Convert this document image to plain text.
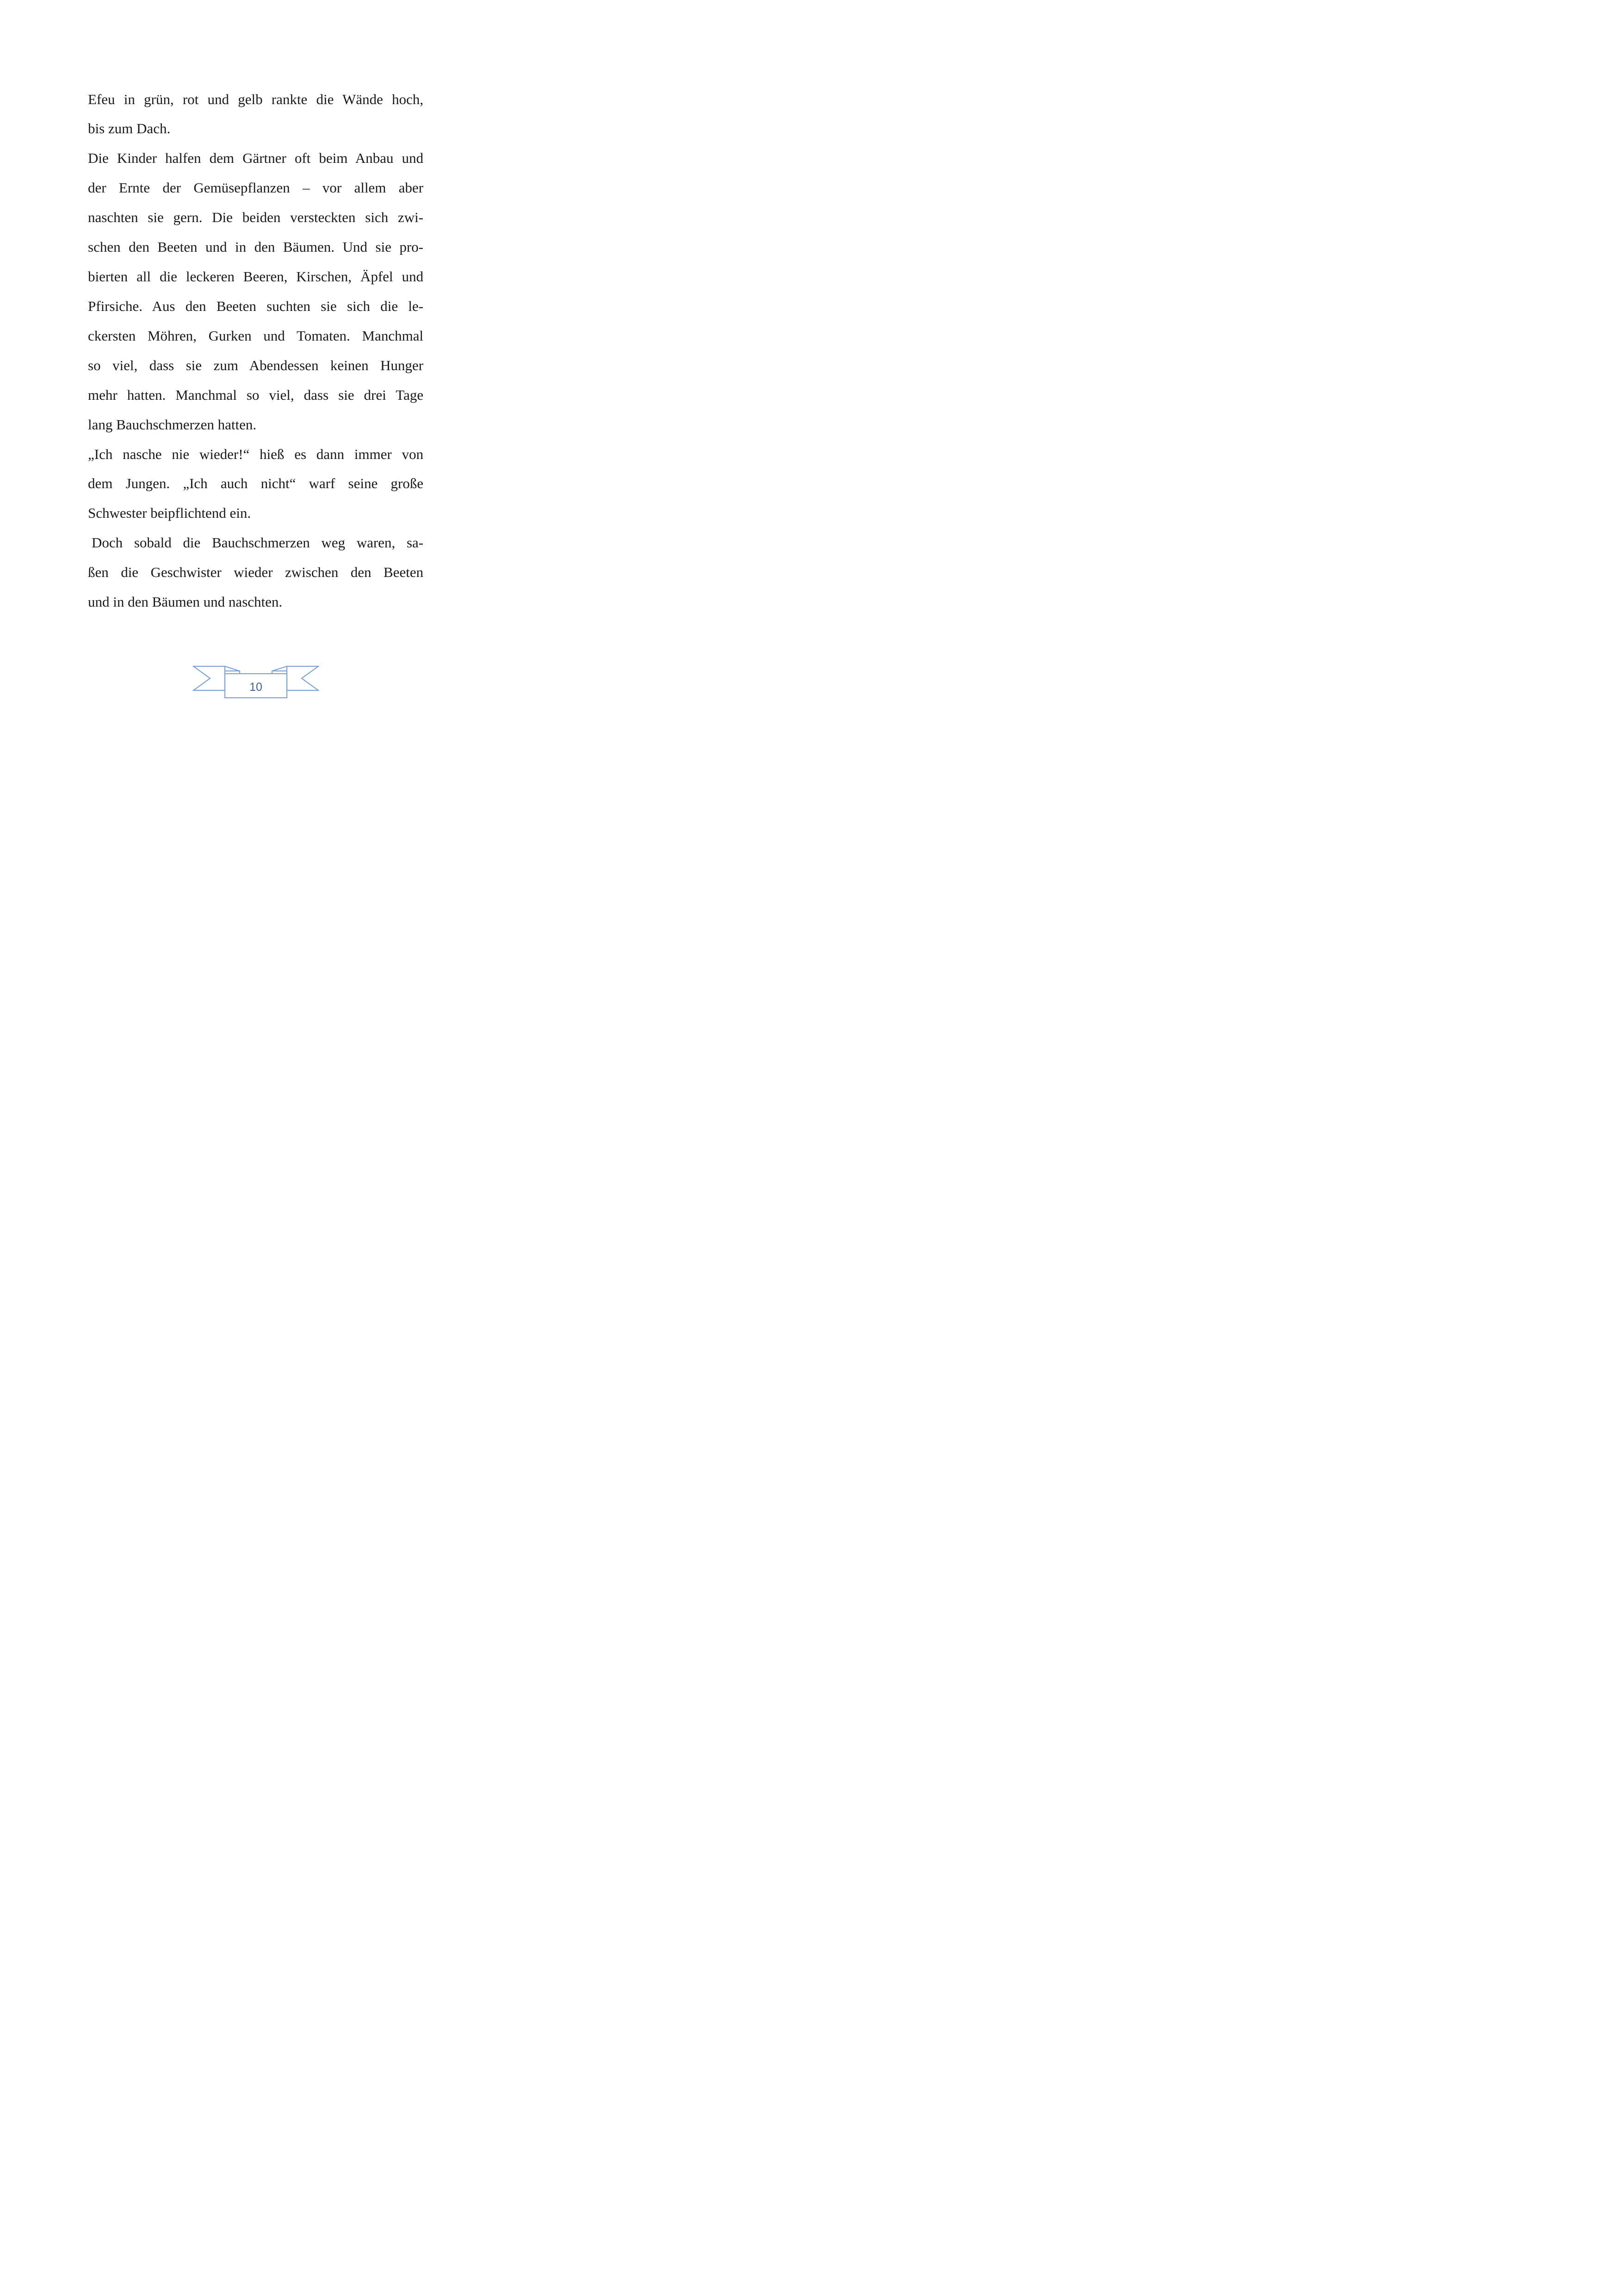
Efeu in grün, rot und gelb rankte die Wände hoch,
bis zum Dach.
Die Kinder halfen dem Gärtner oft beim Anbau und
der Ernte der Gemüsepflanzen – vor allem aber
naschten sie gern. Die beiden versteckten sich zwi-
schen den Beeten und in den Bäumen. Und sie pro-
bierten all die leckeren Beeren, Kirschen, Äpfel und
Pfirsiche. Aus den Beeten suchten sie sich die le-
ckersten Möhren, Gurken und Tomaten. Manchmal
so viel, dass sie zum Abendessen keinen Hunger
mehr hatten. Manchmal so viel, dass sie drei Tage
lang Bauchschmerzen hatten.
„Ich nasche nie wieder!“ hieß es dann immer von
dem Jungen. „Ich auch nicht“ warf seine große
Schwester beipflichtend ein.
Doch sobald die Bauchschmerzen weg waren, sa-
ßen die Geschwister wieder zwischen den Beeten
und in den Bäumen und naschten.
10
